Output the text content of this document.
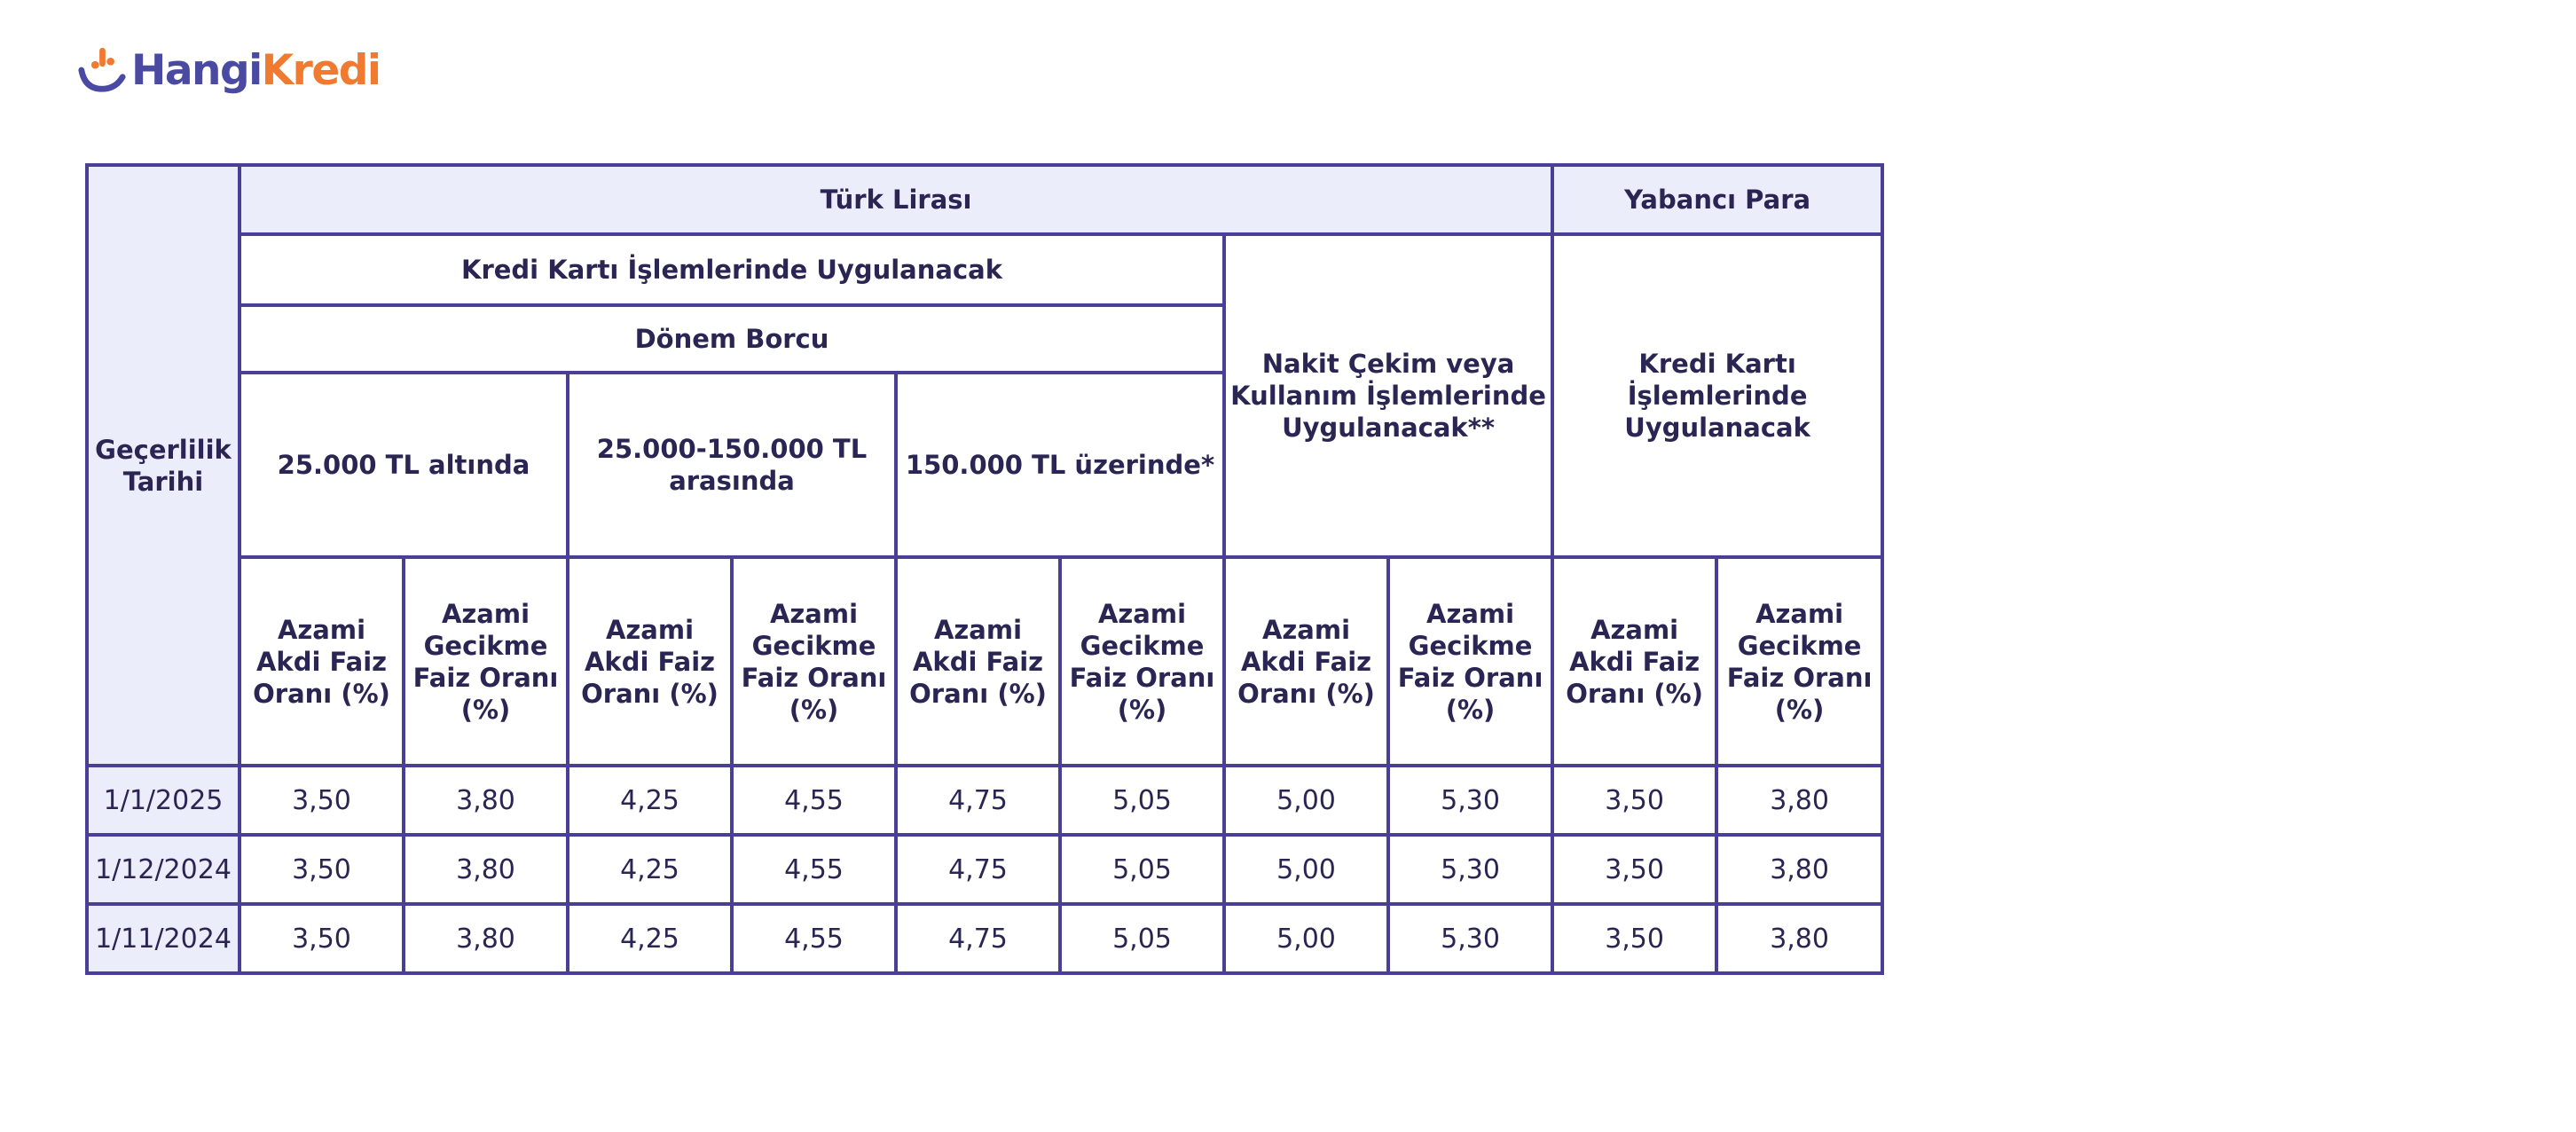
HangiKredi
Geçerlilik Tarihi	Türk Lirası								Yabancı Para	
	Kredi Kartı İşlemlerinde Uygulanacak						Nakit Çekim veya Kullanım İşlemlerinde Uygulanacak**		Kredi Kartı İşlemlerinde Uygulanacak	
	Dönem Borcu									
	25.000 TL altında		25.000-150.000 TL arasında		150.000 TL üzerinde*					
	Azami Akdi Faiz Oranı (%)	Azami Gecikme Faiz Oranı (%)	Azami Akdi Faiz Oranı (%)	Azami Gecikme Faiz Oranı (%)	Azami Akdi Faiz Oranı (%)	Azami Gecikme Faiz Oranı (%)	Azami Akdi Faiz Oranı (%)	Azami Gecikme Faiz Oranı (%)	Azami Akdi Faiz Oranı (%)	Azami Gecikme Faiz Oranı (%)
1/1/2025	3,50	3,80	4,25	4,55	4,75	5,05	5,00	5,30	3,50	3,80
1/12/2024	3,50	3,80	4,25	4,55	4,75	5,05	5,00	5,30	3,50	3,80
1/11/2024	3,50	3,80	4,25	4,55	4,75	5,05	5,00	5,30	3,50	3,80
